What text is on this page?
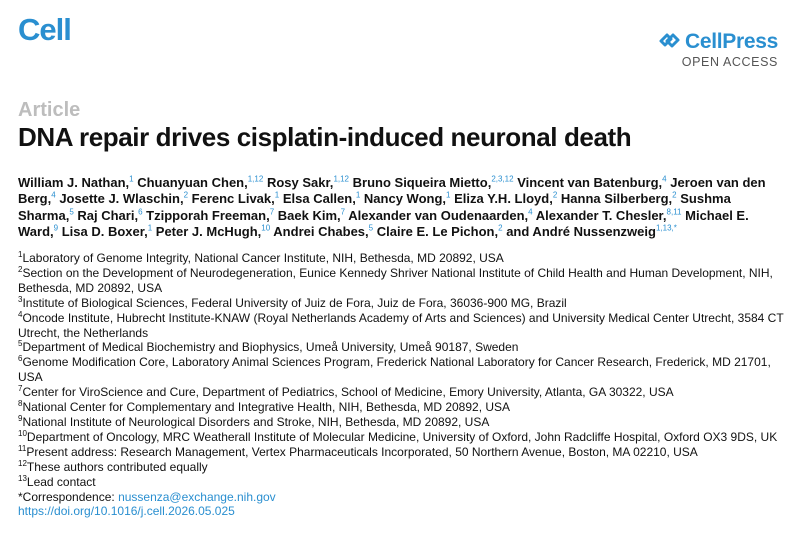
Cell	CellPress
OPEN ACCESS
Article
DNA repair drives cisplatin-induced neuronal death
William J. Nathan,$^1$ Chuanyuan Chen,$^{1,12}$ Rosy Sakr,$^{1,12}$ Bruno Siqueira Mietto,$^{2,3,12}$ Vincent van Batenburg,$^4$ Jeroen van den Berg,$^4$ Josette J. Wlaschin,$^2$ Ferenc Livak,$^1$ Elsa Callen,$^1$ Nancy Wong,$^1$ Eliza Y.H. Lloyd,$^2$ Hanna Silberberg,$^2$ Sushma Sharma,$^5$ Raj Chari,$^6$ Tzipporah Freeman,$^7$ Baek Kim,$^7$ Alexander van Oudenaarden,$^4$ Alexander T. Chesler,$^{8,11}$ Michael E. Ward,$^9$ Lisa D. Boxer,$^1$ Peter J. McHugh,$^{10}$ Andrei Chabes,$^5$ Claire E. Le Pichon,$^2$ and André Nussenzweig$^{1,13,*}$
$^1$Laboratory of Genome Integrity, National Cancer Institute, NIH, Bethesda, MD 20892, USA
$^2$Section on the Development of Neurodegeneration, Eunice Kennedy Shriver National Institute of Child Health and Human Development, NIH, Bethesda, MD 20892, USA
$^3$Institute of Biological Sciences, Federal University of Juiz de Fora, Juiz de Fora, 36036-900 MG, Brazil
$^4$Oncode Institute, Hubrecht Institute-KNAW (Royal Netherlands Academy of Arts and Sciences) and University Medical Center Utrecht, 3584 CT Utrecht, the Netherlands
$^5$Department of Medical Biochemistry and Biophysics, Umeå University, Umeå 90187, Sweden
$^6$Genome Modification Core, Laboratory Animal Sciences Program, Frederick National Laboratory for Cancer Research, Frederick, MD 21701, USA
$^7$Center for ViroScience and Cure, Department of Pediatrics, School of Medicine, Emory University, Atlanta, GA 30322, USA
$^8$National Center for Complementary and Integrative Health, NIH, Bethesda, MD 20892, USA
$^9$National Institute of Neurological Disorders and Stroke, NIH, Bethesda, MD 20892, USA
$^{10}$Department of Oncology, MRC Weatherall Institute of Molecular Medicine, University of Oxford, John Radcliffe Hospital, Oxford OX3 9DS, UK
$^{11}$Present address: Research Management, Vertex Pharmaceuticals Incorporated, 50 Northern Avenue, Boston, MA 02210, USA
$^{12}$These authors contributed equally
$^{13}$Lead contact
*Correspondence: nussenza@exchange.nih.gov
https://doi.org/10.1016/j.cell.2026.05.025
